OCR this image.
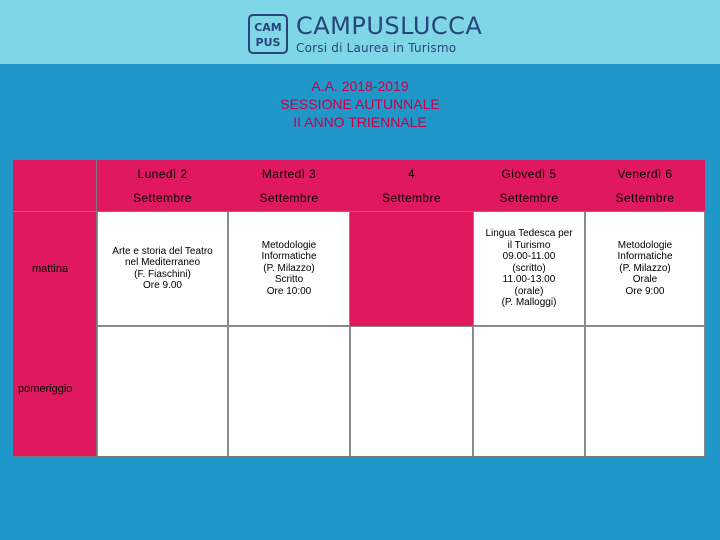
CAM
PUS
CAMPUSLUCCA
Corsi di Laurea in Turismo
A.A. 2018-2019
SESSIONE AUTUNNALE
II ANNO TRIENNALE
Lunedì 2
Settembre
Martedì 3
Settembre
4
Settembre
Giovedì 5
Settembre
Venerdì 6
Settembre
mattina
pomeriggio
Arte e storia del Teatro
nel Mediterraneo
(F. Fiaschini)
Ore 9.00
Metodologie
Informatiche
(P. Milazzo)
Scritto
Ore 10:00
Lingua Tedesca per
il Turismo
09.00-11.00
(scritto)
11.00-13.00
(orale)
(P. Malloggi)
Metodologie
Informatiche
(P. Milazzo)
Orale
Ore 9:00
